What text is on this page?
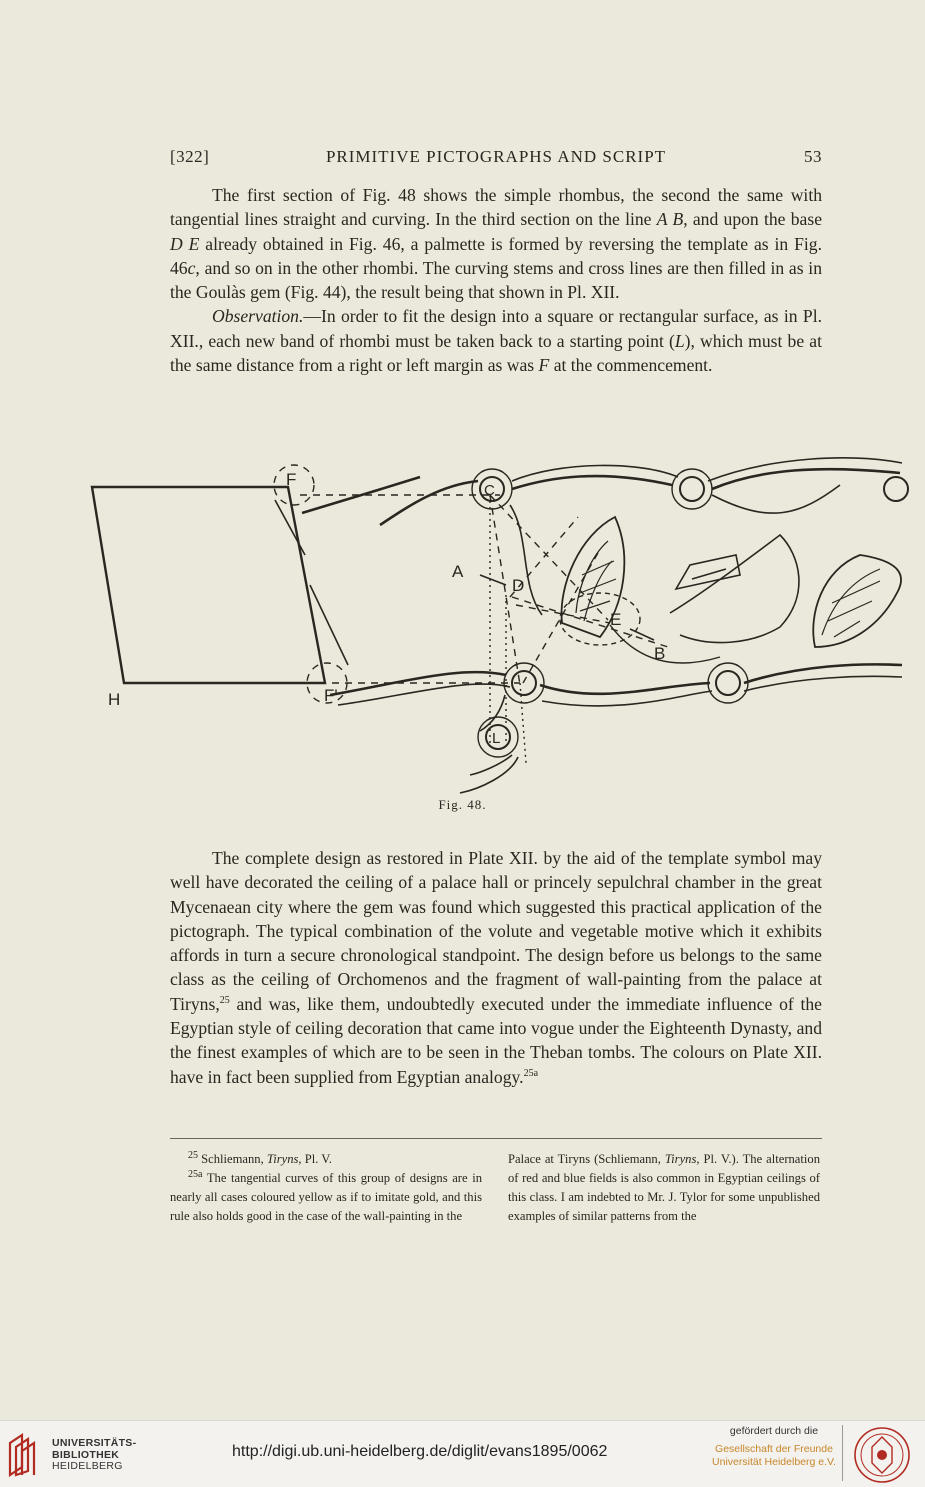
[322]	PRIMITIVE PICTOGRAPHS AND SCRIPT	53

The first section of Fig. 48 shows the simple rhombus, the second the same with tangential lines straight and curving. In the third section on the line A B, and upon the base D E already obtained in Fig. 46, a palmette is formed by reversing the template as in Fig. 46c, and so on in the other rhombi. The curving stems and cross lines are then filled in as in the Goulàs gem (Fig. 44), the result being that shown in Pl. XII.

Observation.—In order to fit the design into a square or rectangular surface, as in Pl. XII., each new band of rhombi must be taken back to a starting point (L), which must be at the same distance from a right or left margin as was F at the commencement.

F
F'
C
A
D
E
B
H
L
Fig. 48.

The complete design as restored in Plate XII. by the aid of the template symbol may well have decorated the ceiling of a palace hall or princely sepulchral chamber in the great Mycenaean city where the gem was found which suggested this practical application of the pictograph. The typical combination of the volute and vegetable motive which it exhibits affords in turn a secure chronological standpoint. The design before us belongs to the same class as the ceiling of Orchomenos and the fragment of wall-painting from the palace at Tiryns,$^{25}$ and was, like them, undoubtedly executed under the immediate influence of the Egyptian style of ceiling decoration that came into vogue under the Eighteenth Dynasty, and the finest examples of which are to be seen in the Theban tombs. The colours on Plate XII. have in fact been supplied from Egyptian analogy.$^{25a}$

$^{25}$ Schliemann, Tiryns, Pl. V.

$^{25a}$ The tangential curves of this group of designs are in nearly all cases coloured yellow as if to imitate gold, and this rule also holds good in the case of the wall-painting in the

Palace at Tiryns (Schliemann, Tiryns, Pl. V.). The alternation of red and blue fields is also common in Egyptian ceilings of this class. I am indebted to Mr. J. Tylor for some unpublished examples of similar patterns from the

UNIVERSITÄTS-
BIBLIOTHEK
HEIDELBERG
http://digi.ub.uni-heidelberg.de/diglit/evans1895/0062
gefördert durch die
Gesellschaft der Freunde
Universität Heidelberg e.V.
